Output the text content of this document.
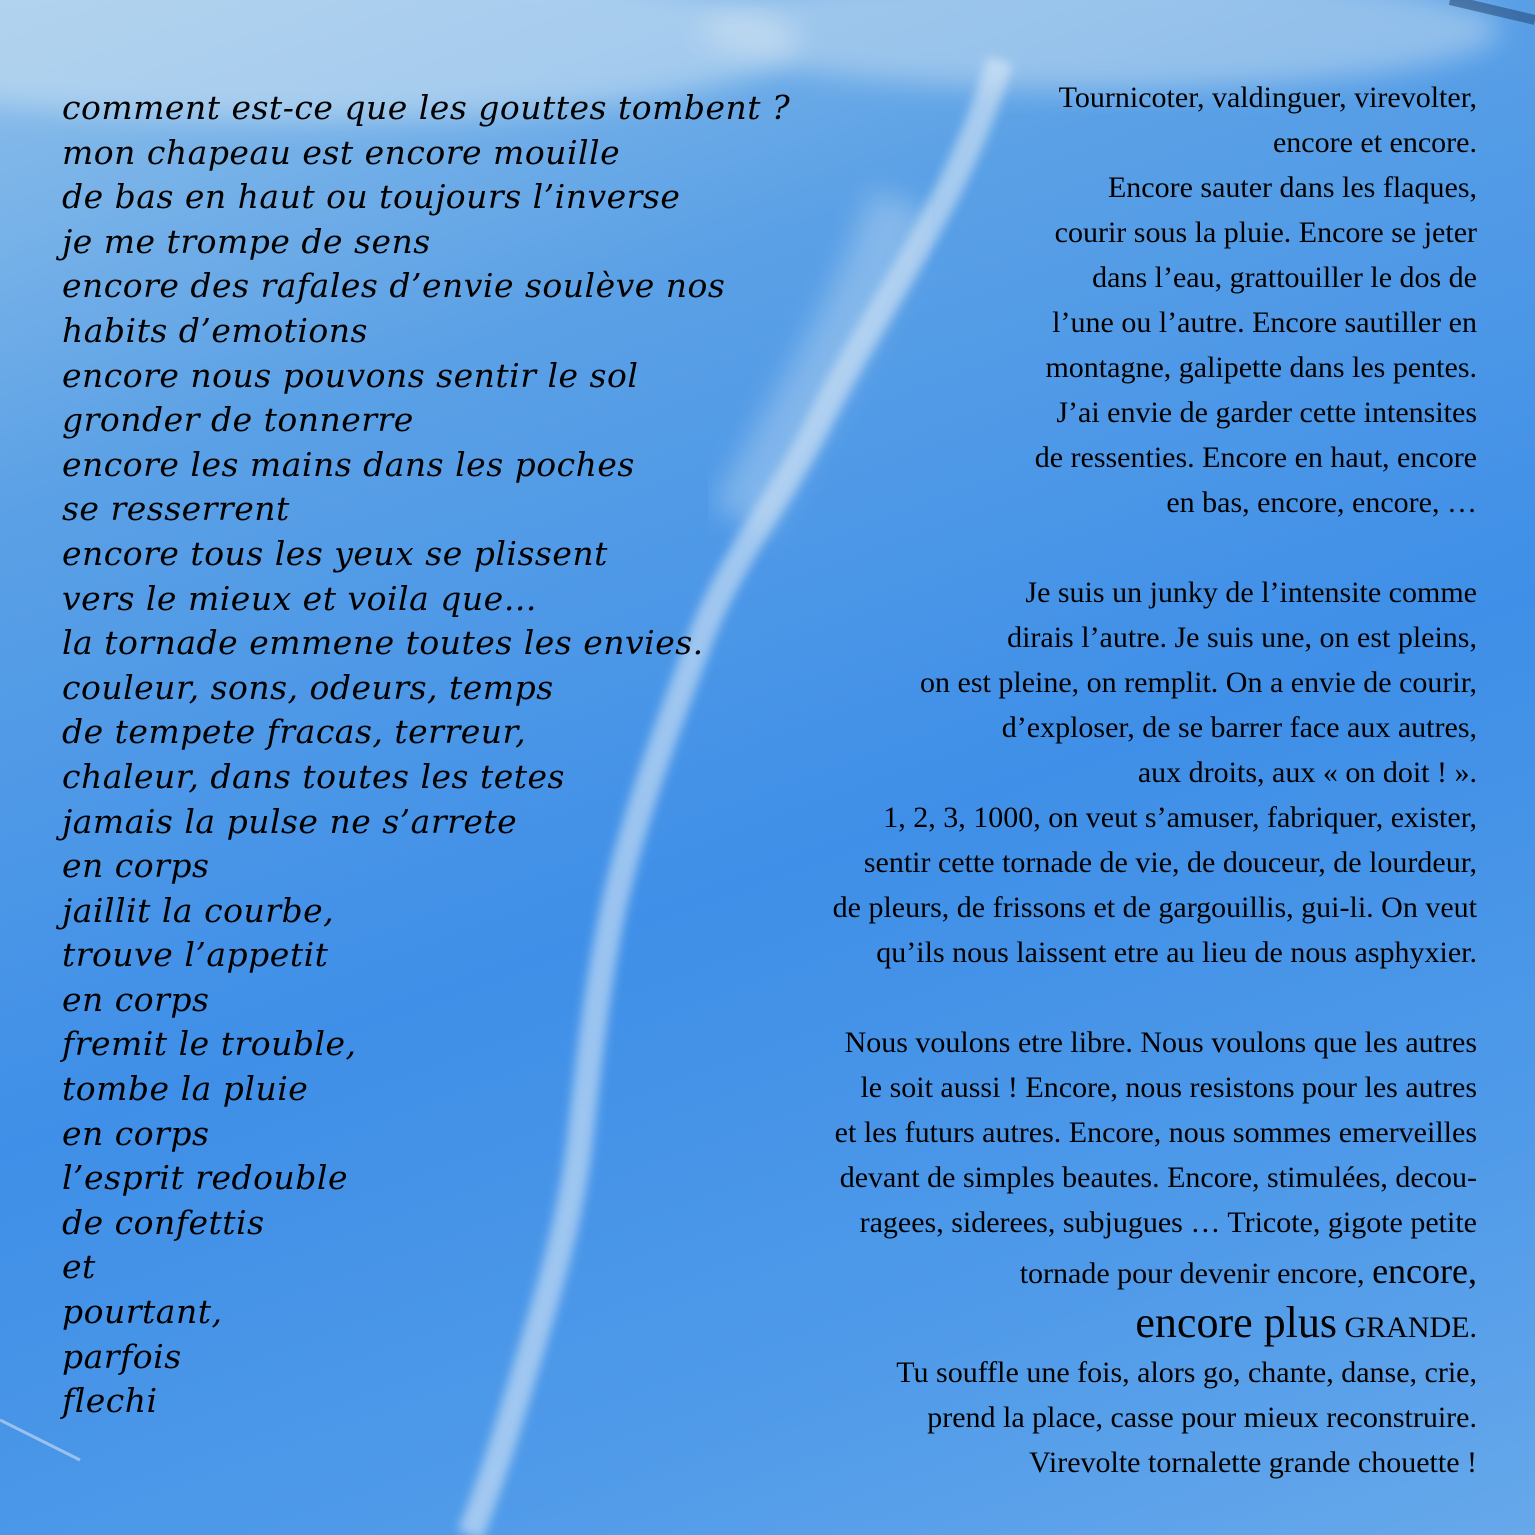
comment est-ce que les gouttes tombent ?
mon chapeau est encore mouille
de bas en haut ou toujours l’inverse
je me trompe de sens
encore des rafales d’envie soulève nos
habits d’emotions
encore nous pouvons sentir le sol
gronder de tonnerre
encore les mains dans les poches
se resserrent
encore tous les yeux se plissent
vers le mieux et voila que…
la tornade emmene toutes les envies.
couleur, sons, odeurs, temps
de tempete fracas, terreur,
chaleur, dans toutes les tetes
jamais la pulse ne s’arrete
en corps
jaillit la courbe,
trouve l’appetit
en corps
fremit le trouble,
tombe la pluie
en corps
l’esprit redouble
de confettis
et
pourtant,
parfois
flechi
Tournicoter, valdinguer, virevolter,
encore et encore.
Encore sauter dans les flaques,
courir sous la pluie. Encore se jeter
dans l’eau, grattouiller le dos de
l’une ou l’autre. Encore sautiller en
montagne, galipette dans les pentes.
J’ai envie de garder cette intensites
de ressenties. Encore en haut, encore
en bas, encore, encore, …
Je suis un junky de l’intensite comme
dirais l’autre. Je suis une, on est pleins,
on est pleine, on remplit. On a envie de courir,
d’exploser, de se barrer face aux autres,
aux droits, aux « on doit ! ».
1, 2, 3, 1000, on veut s’amuser, fabriquer, exister,
sentir cette tornade de vie, de douceur, de lourdeur,
de pleurs, de frissons et de gargouillis, gui-li. On veut
qu’ils nous laissent etre au lieu de nous asphyxier.
Nous voulons etre libre. Nous voulons que les autres
le soit aussi ! Encore, nous resistons pour les autres
et les futurs autres. Encore, nous sommes emerveilles
devant de simples beautes. Encore, stimulées, decou-
ragees, siderees, subjugues … Tricote, gigote petite
tornade pour devenir encore, encore,
encore plus GRANDE.
Tu souffle une fois, alors go, chante, danse, crie,
prend la place, casse pour mieux reconstruire.
Virevolte tornalette grande chouette !
